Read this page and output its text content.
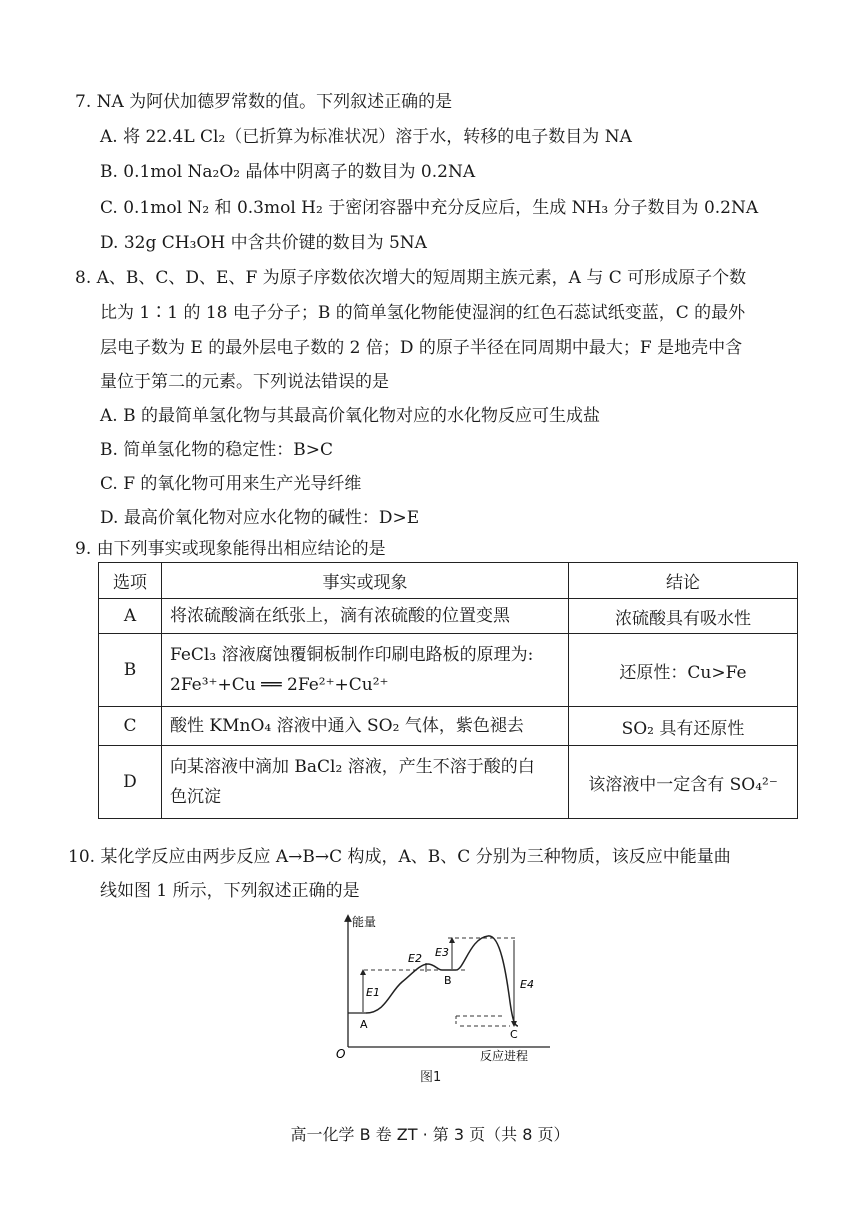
7. NA 为阿伏加德罗常数的值。下列叙述正确的是
A. 将 22.4L Cl₂（已折算为标准状况）溶于水，转移的电子数目为 NA
B. 0.1mol Na₂O₂ 晶体中阴离子的数目为 0.2NA
C. 0.1mol N₂ 和 0.3mol H₂ 于密闭容器中充分反应后，生成 NH₃ 分子数目为 0.2NA
D. 32g CH₃OH 中含共价键的数目为 5NA
8. A、B、C、D、E、F 为原子序数依次增大的短周期主族元素，A 与 C 可形成原子个数
比为 1∶1 的 18 电子分子；B 的简单氢化物能使湿润的红色石蕊试纸变蓝，C 的最外
层电子数为 E 的最外层电子数的 2 倍；D 的原子半径在同周期中最大；F 是地壳中含
量位于第二的元素。下列说法错误的是
A. B 的最简单氢化物与其最高价氧化物对应的水化物反应可生成盐
B. 简单氢化物的稳定性：B>C
C. F 的氧化物可用来生产光导纤维
D. 最高价氧化物对应水化物的碱性：D>E
9. 由下列事实或现象能得出相应结论的是
选项	事实或现象	结论
A	将浓硫酸滴在纸张上，滴有浓硫酸的位置变黑	浓硫酸具有吸水性
B	FeCl₃ 溶液腐蚀覆铜板制作印刷电路板的原理为:
2Fe³⁺+Cu ══ 2Fe²⁺+Cu²⁺	还原性：Cu>Fe
C	酸性 KMnO₄ 溶液中通入 SO₂ 气体，紫色褪去	SO₂ 具有还原性
D	向某溶液中滴加 BaCl₂ 溶液，产生不溶于酸的白
色沉淀	该溶液中一定含有 SO₄²⁻
10. 某化学反应由两步反应 A→B→C 构成，A、B、C 分别为三种物质，该反应中能量曲
线如图 1 所示，下列叙述正确的是
能量
O	反应进程
E1
E2 E3
E4
A
B
C
图1
高一化学 B 卷 ZT · 第 3 页（共 8 页）
